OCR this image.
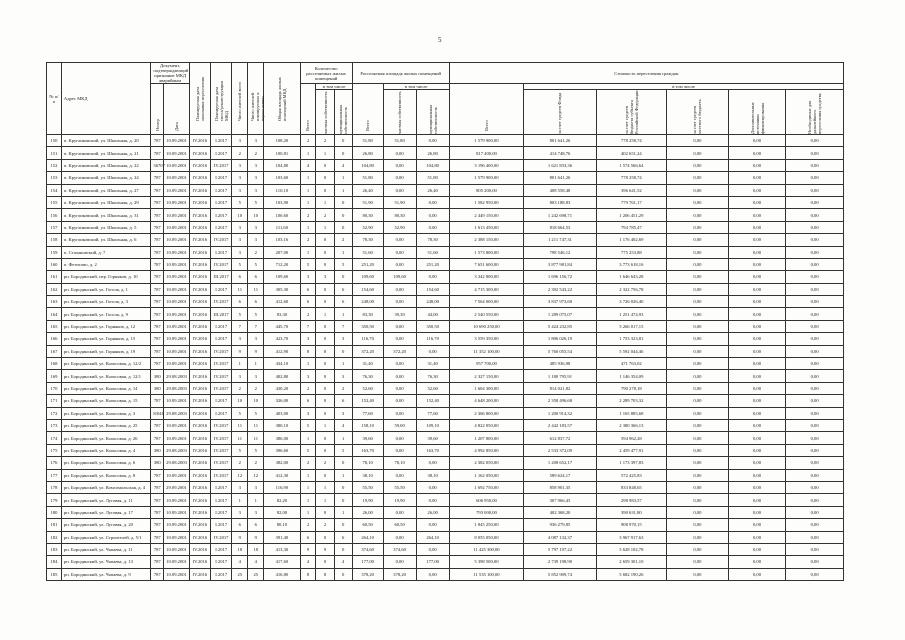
5
№ п/п	Адрес МКД	Документ, подтверждающий признание МКД аварийным		Планируемая дата окончания переселения	Планируемая дата сноса/реконструкции МКД	Число жителей всего	Число жителей планируемых к переселению	Общая площадь жилых помещений МКД	Количество расселяемых жилых помещений			Расселяемая площадь жилых помещений			Стоимость переселения граждан					

		Номер	Дата						Всего	в том числе		Всего	в том числе		Всего	в том числе				

										частная собственность	муниципальная собственность		частная собственность	муниципальная собственность		за счет средств Фонда	за счет средств бюджета субъекта Российской Федерации	за счет средств местного бюджета	Дополнительные источники финансирования	Необходимые для дальнейшего переселения средства

150	п. Кругликовский, ул. Школьная, д. 20	787	10.09.2001	IV.2016	I.2017	3	3	108,20	2	2	0	51,80	51,80	0,00	1 579 900,00	801 641,26	778 258,74	0,00	0,00	0,00
151	п. Кругликовский, ул. Школьная, д. 21	787	10.09.2001	IV.2016	I.2017	2	2	100,81	1	1	0	26,80	0,00	26,80	817 400,00	414 748,76	402 651,24	0,00	0,00	0,00
152	п. Кругликовский, ул. Школьная, д. 22	36707	10.09.2001	IV.2016	IV.2017	3	3	104,80	4	0	4	104,80	0,00	104,80	3 196 400,00	1 621 833,36	1 574 566,64	0,00	0,00	0,00
153	п. Кругликовский, ул. Школьная, д. 24	787	10.09.2001	IV.2016	I.2017	3	3	103,60	1	0	1	51,80	0,00	51,80	1 579 900,00	801 641,26	778 258,74	0,00	0,00	0,00
154	п. Кругликовский, ул. Школьная, д. 27	787	10.09.2001	IV.2016	I.2017	3	3	110,10	1	0	1	26,40	0,00	26,40	805 200,00	408 558,48	396 641,52	0,00	0,00	0,00
155	п. Кругликовский, ул. Школьная, д. 29	787	10.09.2001	IV.2016	I.2017	5	5	103,90	1	1	0	51,90	51,90	0,00	1 582 950,00	803 188,83	779 761,17	0,00	0,00	0,00
156	п. Кругликовский, ул. Школьная, д. 31	787	10.09.2001	IV.2016	I.2017	10	10	106,60	2	2	0	80,30	80,30	0,00	2 449 150,00	1 242 698,71	1 206 451,29	0,00	0,00	0,00
157	п. Кругликовский, ул. Школьная, д. 5	787	10.09.2001	IV.2016	I.2017	3	3	111,60	1	1	0	52,90	52,90	0,00	1 613 450,00	818 664,53	794 785,47	0,00	0,00	0,00
158	п. Кругликовский, ул. Школьная, д. 6	787	10.09.2001	IV.2016	IV.2017	3	3	103,16	2	0	2	78,30	0,00	78,30	2 388 150,00	1 211 747,31	1 176 402,69	0,00	0,00	0,00
159	п. Стахановский, д. 7	787	10.09.2001	IV.2016	I.2017	3	2	207,00	1	0	1	51,60	0,00	51,60	1 573 800,00	798 546,12	775 253,88	0,00	0,00	0,00
160	п. Фетисово, д. 2	787	10.09.2001	IV.2016	IV.2017	5	5	712,20	5	0	5	251,20	0,00	251,20	7 651 600,00	3 877 981,84	3 773 618,16	0,00	0,00	0,00
161	рп. Бородинский, пер. Горняков, д. 10	787	10.09.2001	IV.2016	III.2017	6	6	109,60	3	3	0	109,60	109,60	0,00	3 342 800,00	1 696 156,72	1 646 643,28	0,00	0,00	0,00
162	рп. Бородинский, ул. Гоголя, д. 1	787	10.09.2001	IV.2016	I.2017	11	11	305,30	6	0	6	154,60	0,00	154,60	4 715 300,00	2 392 543,22	2 322 756,78	0,00	0,00	0,00
163	рп. Бородинский, ул. Гоголя, д. 3	787	10.09.2001	IV.2016	IV.2017	6	6	412,60	6	0	6	248,00	0,00	248,00	7 564 000,00	3 837 973,60	3 726 026,40	0,00	0,00	0,00
164	рп. Бородинский, ул. Гоголя, д. 9	787	10.09.2001	IV.2016	III.2017	5	5	83,30	2	1	1	83,30	39,30	44,00	2 540 550,00	1 289 075,07	1 251 474,93	0,00	0,00	0,00
165	рп. Бородинский, ул. Горняков, д. 12	787	10.09.2001	IV.2016	I.2017	7	7	445,70	7	0	7	350,50	0,00	350,50	10 690 250,00	5 424 232,85	5 266 017,15	0,00	0,00	0,00
166	рп. Бородинский, ул. Горняков, д. 15	787	10.09.2001	IV.2016	I.2017	3	3	423,70	3	0	3	116,70	0,00	116,70	3 559 350,00	1 806 026,19	1 753 323,81	0,00	0,00	0,00
167	рп. Бородинский, ул. Горняков, д. 19	787	10.09.2001	IV.2016	IV.2017	9	9	412,90	8	8	0	372,20	372,20	0,00	11 352 100,00	5 760 055,54	5 592 044,46	0,00	0,00	0,00
168	рп. Бородинский, ул. Кооксовая, д. 12/2	787	10.09.2001	IV.2016	IV.2017	1	1	434,10	1	0	1	31,40	0,00	31,40	957 700,00	485 936,98	471 763,02	0,00	0,00	0,00
169	рп. Бородинский, ул. Кооксовая, д. 12/1	380	29.08.2003	IV.2016	IV.2017	3	3	402,80	3	0	3	76,30	0,00	76,30	2 327 150,00	1 180 795,91	1 146 354,09	0,00	0,00	0,00
170	рп. Бородинский, ул. Кооксовая, д. 14	380	29.08.2003	IV.2016	IV.2017	2	2	430,20	2	0	2	52,60	0,00	52,60	1 604 300,00	814 021,82	790 278,18	0,00	0,00	0,00
171	рп. Бородинский, ул. Кооксовая, д. 15	787	10.09.2001	IV.2016	I.2017	10	10	326,00	6	0	6	152,40	0,00	152,40	4 648 200,00	2 358 496,68	2 289 703,32	0,00	0,00	0,00
172	рп. Бородинский, ул. Кооксовая, д. 3	8/041	29.08.2003	IV.2016	I.2017	5	5	403,00	3	0	3	77,60	0,00	77,60	2 366 800,00	1 200 914,32	1 165 885,68	0,00	0,00	0,00
173	рп. Бородинский, ул. Кооксовая, д. 25	787	10.09.2001	IV.2016	IV.2017	11	11	380,10	5	1	4	158,10	59,00	109,10	4 822 050,00	2 442 183,57	2 380 366,13	0,00	0,00	0,00
174	рп. Бородинский, ул. Кооксовая, д. 26	787	10.09.2001	IV.2016	IV.2017	11	11	386,00	1	0	1	39,60	0,00	39,60	1 207 800,00	612 837,72	594 962,28	0,00	0,00	0,00
175	рп. Бородинский, ул. Кооксовая, д. 4	380	29.08.2003	IV.2016	IV.2017	5	5	396,60	5	0	5	163,70	0,00	163,70	4 992 850,00	2 533 372,09	2 459 477,91	0,00	0,00	0,00
176	рп. Бородинский, ул. Кооксовая, д. 6	380	29.08.2003	IV.2016	IV.2017	2	2	382,00	2	2	0	78,10	78,10	0,00	2 382 050,00	1 208 652,17	1 173 397,83	0,00	0,00	0,00
177	рп. Бородинский, ул. Кооксовая, д. 8	787	10.09.2001	IV.2016	IV.2017	12	12	412,30	1	0	1	38,10	0,00	38,10	1 162 050,00	589 624,17	572 425,83	0,00	0,00	0,00
178	рп. Бородинский, ул. Комсомольская, д. 4	787	29.09.2001	IV.2016	I.2017	3	3	116,90	1	1	0	55,50	55,50	0,00	1 692 750,00	858 901,35	833 848,65	0,00	0,00	0,00
179	рп. Бородинский, ул. Луговая, д. 11	787	10.09.2001	IV.2016	I.2017	1	1	82,20	1	1	0	19,90	19,90	0,00	606 950,00	307 966,43	298 983,57	0,00	0,00	0,00
180	рп. Бородинский, ул. Луговая, д. 17	787	10.09.2001	IV.2016	I.2017	3	3	82,00	1	0	1	26,00	0,00	26,00	793 000,00	402 368,20	390 631,80	0,00	0,00	0,00
181	рп. Бородинский, ул. Луговая, д. 20	787	10.09.2001	IV.2016	I.2017	6	6	80,10	2	2	0	60,50	60,50	0,00	1 845 250,00	936 279,85	908 970,15	0,00	0,00	0,00
182	рп. Бородинский, ул. Строителей, д. 5/1	787	10.09.2001	IV.2016	IV.2017	9	9	391,40	6	0	6	264,10	0,00	264,10	8 055 050,00	4 087 132,37	3 967 917,63	0,00	0,00	0,00
183	рп. Бородинский, ул. Чапаева, д. 11	787	10.09.2001	IV.2016	I.2017	18	18	413,30	9	9	0	374,60	374,60	0,00	11 425 300,00	5 797 197,22	5 628 102,78	0,00	0,00	0,00
184	рп. Бородинский, ул. Чапаева, д. 13	787	10.09.2001	IV.2016	I.2017	4	4	417,60	4	0	4	177,00	0,00	177,00	5 398 500,00	2 739 198,90	2 659 301,10	0,00	0,00	0,00
185	рп. Бородинский, ул. Чапаева, д. 9	787	10.09.2001	IV.2016	I.2017	25	25	416,80	8	8	0	378,20	378,20	0,00	11 535 100,00	5 852 909,74	5 682 190,26	0,00	0,00	0,00
